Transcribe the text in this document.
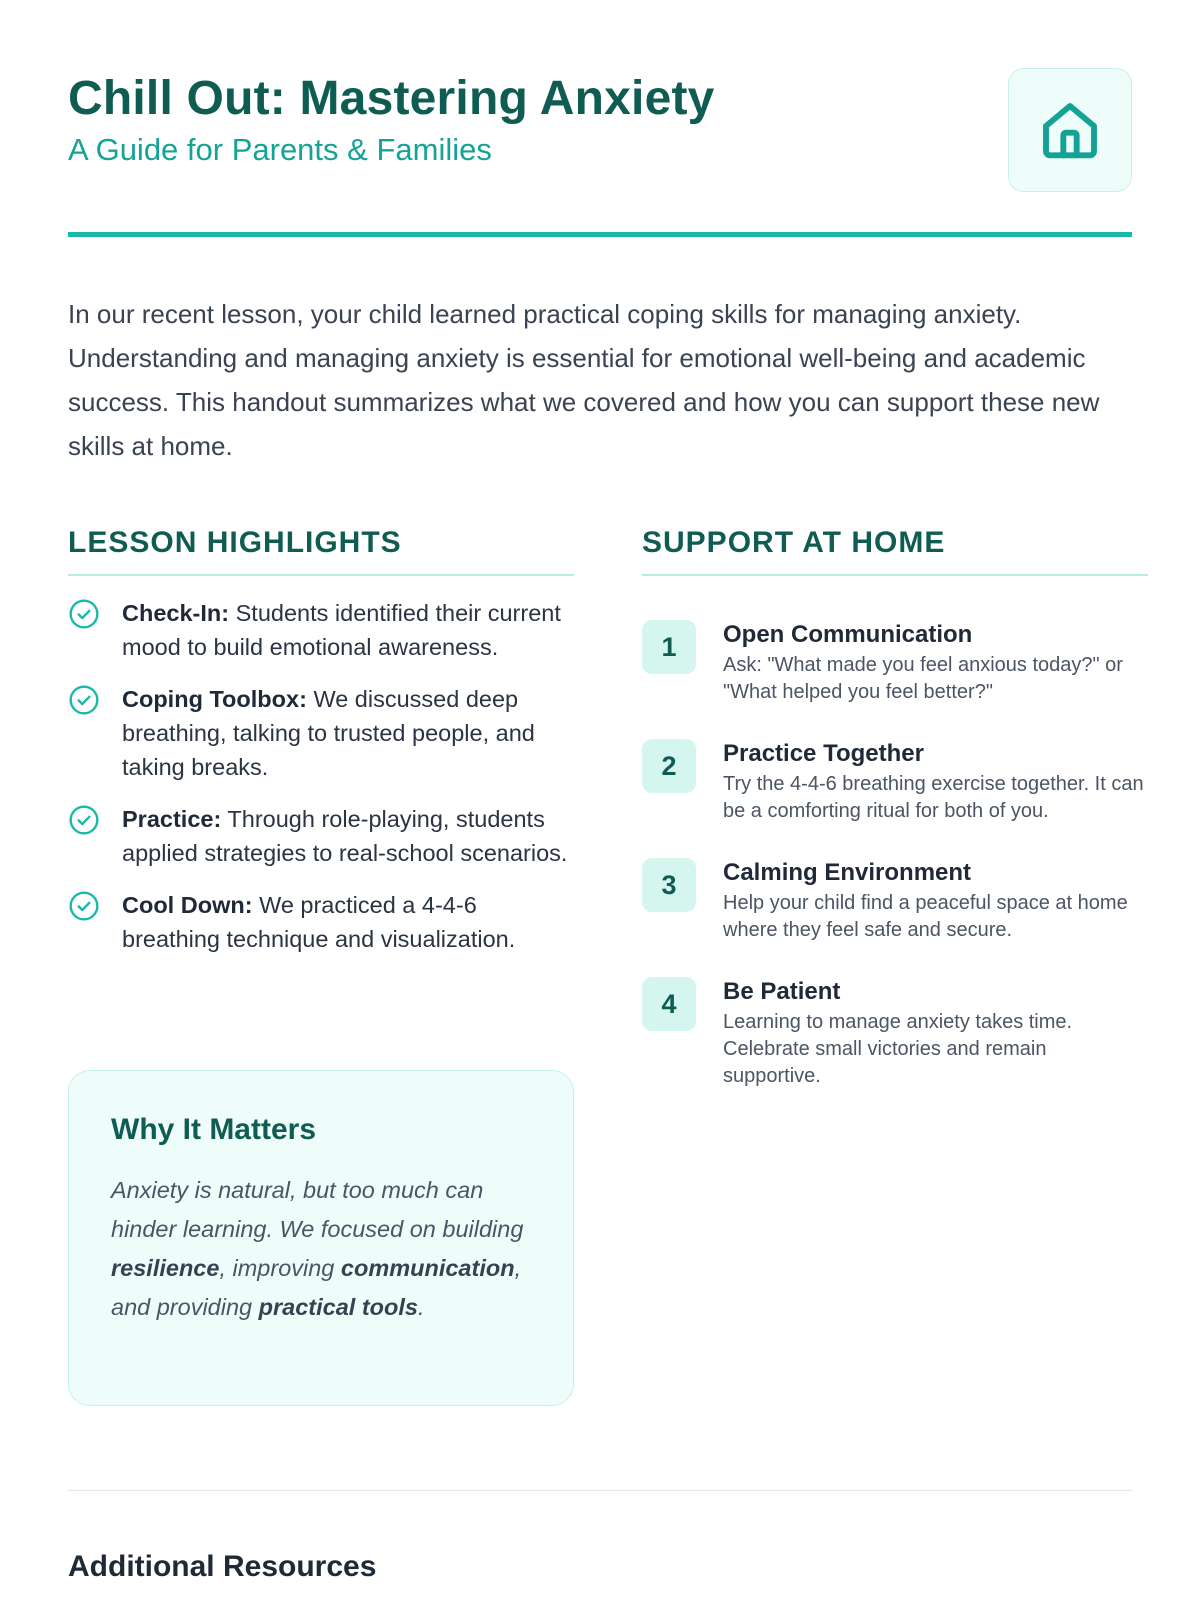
Chill Out: Mastering Anxiety
A Guide for Parents & Families

In our recent lesson, your child learned practical coping skills for managing anxiety. Understanding and managing anxiety is essential for emotional well-being and academic success. This handout summarizes what we covered and how you can support these new skills at home.

LESSON HIGHLIGHTS
Check-In: Students identified their current mood to build emotional awareness.
Coping Toolbox: We discussed deep breathing, talking to trusted people, and taking breaks.
Practice: Through role-playing, students applied strategies to real-school scenarios.
Cool Down: We practiced a 4-4-6 breathing technique and visualization.
Why It Matters

Anxiety is natural, but too much can hinder learning. We focused on building resilience, improving communication, and providing practical tools.

SUPPORT AT HOME
1	Open Communication
Ask: "What made you feel anxious today?" or "What helped you feel better?"
2	Practice Together
Try the 4-4-6 breathing exercise together. It can be a comforting ritual for both of you.
3	Calming Environment
Help your child find a peaceful space at home where they feel safe and secure.
4	Be Patient
Learning to manage anxiety takes time. Celebrate small victories and remain supportive.
Additional Resources
